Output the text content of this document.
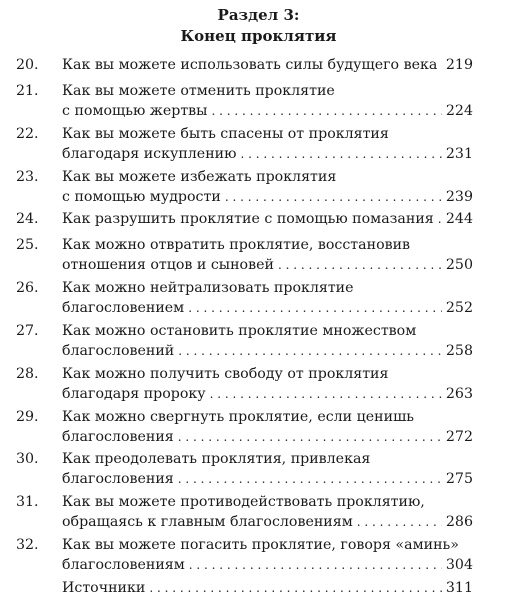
Раздел 3:
Конец проклятия
20.	Как вы можете использовать силы будущего века . . . 219
21.	Как вы можете отменить проклятие
с помощью жертвы . . .	224
22.	Как вы можете быть спасены от проклятия
благодаря искуплению . . .	231
23.	Как вы можете избежать проклятия
с помощью мудрости . . .	239
24.	Как разрушить проклятие с помощью помазания . . . 244
25.	Как можно отвратить проклятие, восстановив
отношения отцов и сыновей . . .	250
26.	Как можно нейтрализовать проклятие
благословением . . .	252
27.	Как можно остановить проклятие множеством
благословений . . .	258
28.	Как можно получить свободу от проклятия
благодаря пророку . . .	263
29.	Как можно свергнуть проклятие, если ценишь
благословения . . .	272
30.	Как преодолевать проклятия, привлекая
благословения . . .	275
31.	Как вы можете противодействовать проклятию,
обращаясь к главным благословениям . . .	286
32.	Как вы можете погасить проклятие, говоря «аминь»
благословениям . . .	304
Источники . . .	311
